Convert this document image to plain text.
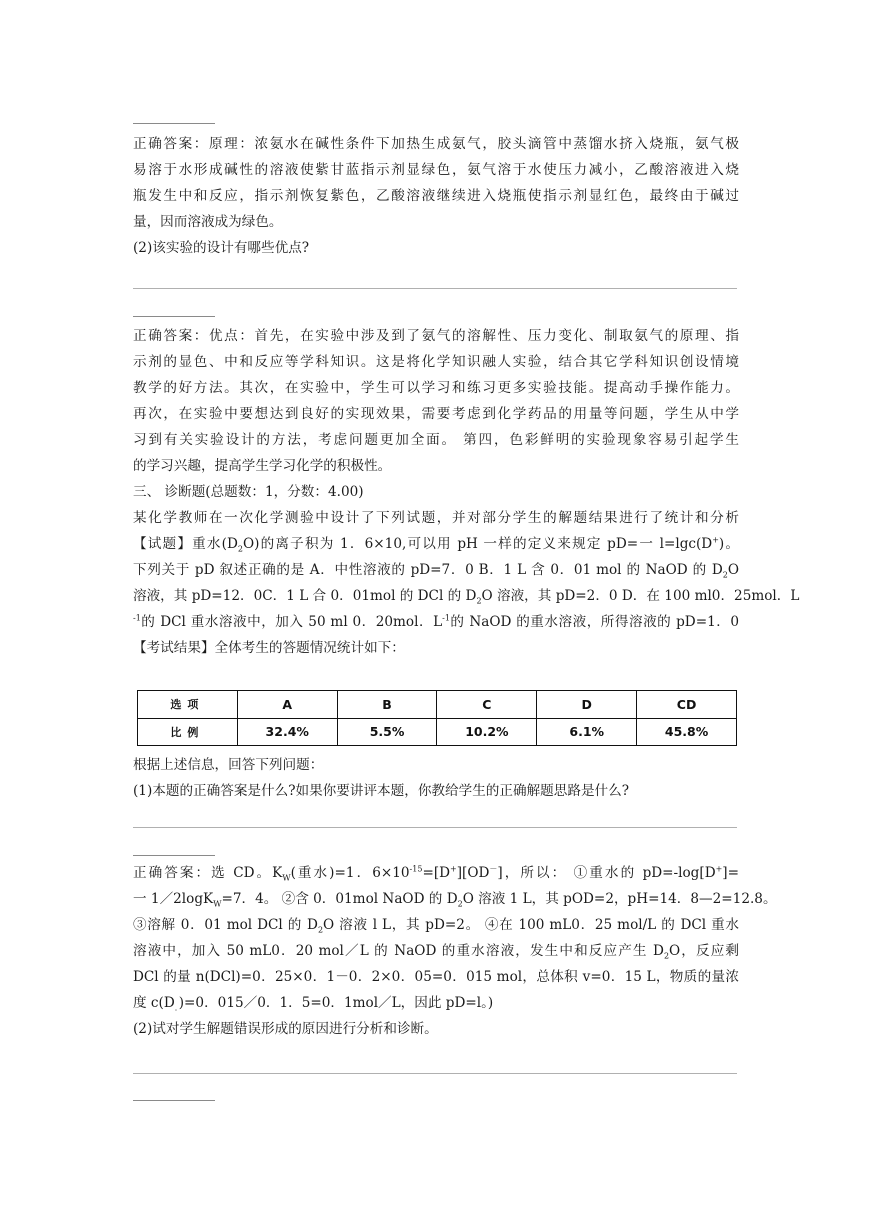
正确答案：原理：浓氨水在碱性条件下加热生成氨气，胶头滴管中蒸馏水挤入烧瓶，氨气极

易溶于水形成碱性的溶液使紫甘蓝指示剂显绿色，氨气溶于水使压力减小，乙酸溶液进入烧

瓶发生中和反应，指示剂恢复紫色，乙酸溶液继续进入烧瓶使指示剂显红色，最终由于碱过

量，因而溶液成为绿色。

(2)该实验的设计有哪些优点?

正确答案：优点：首先，在实验中涉及到了氨气的溶解性、压力变化、制取氨气的原理、指

示剂的显色、中和反应等学科知识。这是将化学知识融人实验，结合其它学科知识创设情境

教学的好方法。其次，在实验中，学生可以学习和练习更多实验技能。提高动手操作能力。

再次，在实验中要想达到良好的实现效果，需要考虑到化学药品的用量等问题，学生从中学

习到有关实验设计的方法，考虑问题更加全面。 第四，色彩鲜明的实验现象容易引起学生

的学习兴趣，提高学生学习化学的积极性。

三、 诊断题(总题数：1，分数：4.00)

某化学教师在一次化学测验中设计了下列试题，并对部分学生的解题结果进行了统计和分析

【试题】重水$(D_2O)$的离子积为 1．6×10,可以用 pH 一样的定义来规定 pD=一 l=lgc(D+)。

下列关于 pD 叙述正确的是 A．中性溶液的 pD=7．0 B．1 L 含 0．01 mol 的 NaOD 的 $D_2O$

溶液，其 pD=12．0C．1 L 合 0．01mol 的 DCl 的 $D_2O$ 溶液，其 pD=2．0 D．在 100 ml0．25mol．L

$^{-1}$的 DCl 重水溶液中，加入 50 ml 0．20mol．$L^{-1}$的 NaOD 的重水溶液，所得溶液的 pD=1．0

【考试结果】全体考生的答题情况统计如下：

选项	A	B	C	D	CD
比例	32.4%	5.5%	10.2%	6.1%	45.8%

根据上述信息，回答下列问题：

(1)本题的正确答案是什么?如果你要讲评本题，你教给学生的正确解题思路是什么?

正确答案：选 CD。$K_W$(重水)=1．$6\times 10^{-15}=[D^+][OD^-]$，所以： ①重水的 pD=-log[D+]=

一 1／2logK$_W$=7．4。 ②含 0．01mol NaOD 的 $D_2O$ 溶液 1 L，其 pOD=2，pH=14．8—2=12.8。

③溶解 0．01 mol DCl 的 $D_2O$ 溶液 l L，其 pD=2。 ④在 100 mL0．25 mol/L 的 DCl 重水

溶液中，加入 50 mL0．20 mol／L 的 NaOD 的重水溶液，发生中和反应产生 $D_2O$，反应剩

DCl 的量 n(DCl)=0．25×0．1－0．2×0．05=0．015 mol，总体积 v=0．15 L，物质的量浓

度 $c(D_.)=0$．015／0．1．5=0．1mol／L，因此 pD=l。)

(2)试对学生解题错误形成的原因进行分析和诊断。
